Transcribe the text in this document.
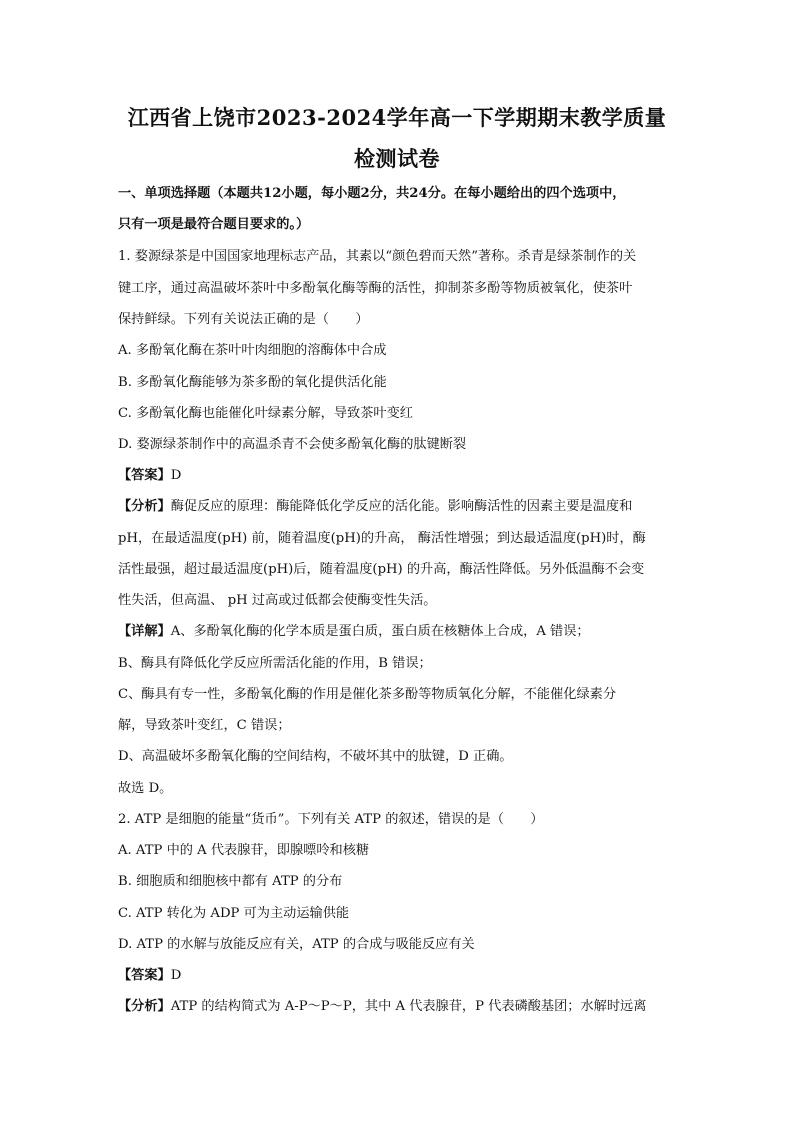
江西省上饶市2023-2024学年高一下学期期末教学质量
检测试卷
一、单项选择题（本题共12小题，每小题2分，共24分。在每小题给出的四个选项中，
只有一项是最符合题目要求的。）
1. 婺源绿茶是中国国家地理标志产品，其素以“颜色碧而天然”著称。杀青是绿茶制作的关
键工序，通过高温破坏茶叶中多酚氧化酶等酶的活性，抑制茶多酚等物质被氧化，使茶叶
保持鲜绿。下列有关说法正确的是（　　）
A. 多酚氧化酶在茶叶叶肉细胞的溶酶体中合成
B. 多酚氧化酶能够为茶多酚的氧化提供活化能
C. 多酚氧化酶也能催化叶绿素分解，导致茶叶变红
D. 婺源绿茶制作中的高温杀青不会使多酚氧化酶的肽键断裂
【答案】D
【分析】酶促反应的原理：酶能降低化学反应的活化能。影响酶活性的因素主要是温度和
pH，在最适温度(pH) 前，随着温度(pH)的升高， 酶活性增强；到达最适温度(pH)时，酶
活性最强，超过最适温度(pH)后，随着温度(pH) 的升高，酶活性降低。另外低温酶不会变
性失活，但高温、 pH 过高或过低都会使酶变性失活。
【详解】A、多酚氧化酶的化学本质是蛋白质，蛋白质在核糖体上合成，A 错误；
B、酶具有降低化学反应所需活化能的作用，B 错误；
C、酶具有专一性，多酚氧化酶的作用是催化茶多酚等物质氧化分解，不能催化绿素分
解，导致茶叶变红，C 错误；
D、高温破坏多酚氧化酶的空间结构，不破坏其中的肽键，D 正确。
故选 D。
2. ATP 是细胞的能量“货币”。下列有关 ATP 的叙述，错误的是（　　）
A. ATP 中的 A 代表腺苷，即腺嘌呤和核糖
B. 细胞质和细胞核中都有 ATP 的分布
C. ATP 转化为 ADP 可为主动运输供能
D. ATP 的水解与放能反应有关，ATP 的合成与吸能反应有关
【答案】D
【分析】ATP 的结构简式为 A-P～P～P，其中 A 代表腺苷，P 代表磷酸基团；水解时远离
